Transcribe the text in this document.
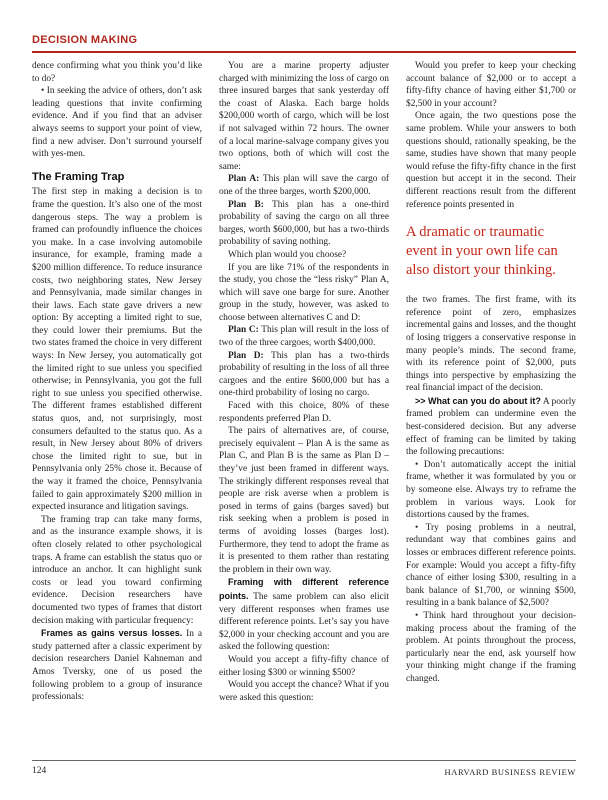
DECISION MAKING

dence confirming what you think you’d like to do?

• In seeking the advice of others, don’t ask leading questions that invite confirming evidence. And if you find that an adviser always seems to support your point of view, find a new adviser. Don’t surround yourself with yes-men.

The Framing Trap

The first step in making a decision is to frame the question. It’s also one of the most dangerous steps. The way a problem is framed can profoundly influence the choices you make. In a case involving automobile insurance, for example, framing made a $200 million difference. To reduce insurance costs, two neighboring states, New Jersey and Pennsylvania, made similar changes in their laws. Each state gave drivers a new option: By accepting a limited right to sue, they could lower their premiums. But the two states framed the choice in very different ways: In New Jersey, you automatically got the limited right to sue unless you specified otherwise; in Pennsylvania, you got the full right to sue unless you specified otherwise. The different frames established different status quos, and, not surprisingly, most consumers defaulted to the status quo. As a result, in New Jersey about 80% of drivers chose the limited right to sue, but in Pennsylvania only 25% chose it. Because of the way it framed the choice, Pennsylvania failed to gain approximately $200 million in expected insurance and litigation savings.

The framing trap can take many forms, and as the insurance example shows, it is often closely related to other psychological traps. A frame can establish the status quo or introduce an anchor. It can highlight sunk costs or lead you toward confirming evidence. Decision researchers have documented two types of frames that distort decision making with particular frequency:

Frames as gains versus losses. In a study patterned after a classic experiment by decision researchers Daniel Kahneman and Amos Tversky, one of us posed the following problem to a group of insurance professionals:

You are a marine property adjuster charged with minimizing the loss of cargo on three insured barges that sank yesterday off the coast of Alaska. Each barge holds $200,000 worth of cargo, which will be lost if not salvaged within 72 hours. The owner of a local marine-salvage company gives you two options, both of which will cost the same:

Plan A: This plan will save the cargo of one of the three barges, worth $200,000.

Plan B: This plan has a one-third probability of saving the cargo on all three barges, worth $600,000, but has a two-thirds probability of saving nothing.

Which plan would you choose?

If you are like 71% of the respondents in the study, you chose the “less risky” Plan A, which will save one barge for sure. Another group in the study, however, was asked to choose between alternatives C and D:

Plan C: This plan will result in the loss of two of the three cargoes, worth $400,000.

Plan D: This plan has a two-thirds probability of resulting in the loss of all three cargoes and the entire $600,000 but has a one-third probability of losing no cargo.

Faced with this choice, 80% of these respondents preferred Plan D.

The pairs of alternatives are, of course, precisely equivalent – Plan A is the same as Plan C, and Plan B is the same as Plan D – they’ve just been framed in different ways. The strikingly different responses reveal that people are risk averse when a problem is posed in terms of gains (barges saved) but risk seeking when a problem is posed in terms of avoiding losses (barges lost). Furthermore, they tend to adopt the frame as it is presented to them rather than restating the problem in their own way.

Framing with different reference points. The same problem can also elicit very different responses when frames use different reference points. Let’s say you have $2,000 in your checking account and you are asked the following question:

Would you accept a fifty-fifty chance of either losing $300 or winning $500?

Would you accept the chance? What if you were asked this question:

Would you prefer to keep your checking account balance of $2,000 or to accept a fifty-fifty chance of having either $1,700 or $2,500 in your account?

Once again, the two questions pose the same problem. While your answers to both questions should, rationally speaking, be the same, studies have shown that many people would refuse the fifty-fifty chance in the first question but accept it in the second. Their different reactions result from the different reference points presented in

A dramatic or traumatic event in your own life can also distort your thinking.

the two frames. The first frame, with its reference point of zero, emphasizes incremental gains and losses, and the thought of losing triggers a conservative response in many people’s minds. The second frame, with its reference point of $2,000, puts things into perspective by emphasizing the real financial impact of the decision.

>> What can you do about it? A poorly framed problem can undermine even the best-considered decision. But any adverse effect of framing can be limited by taking the following precautions:

• Don’t automatically accept the initial frame, whether it was formulated by you or by someone else. Always try to reframe the problem in various ways. Look for distortions caused by the frames.

• Try posing problems in a neutral, redundant way that combines gains and losses or embraces different reference points. For example: Would you accept a fifty-fifty chance of either losing $300, resulting in a bank balance of $1,700, or winning $500, resulting in a bank balance of $2,500?

• Think hard throughout your decision-making process about the framing of the problem. At points throughout the process, particularly near the end, ask yourself how your thinking might change if the framing changed.

124	HARVARD BUSINESS REVIEW
